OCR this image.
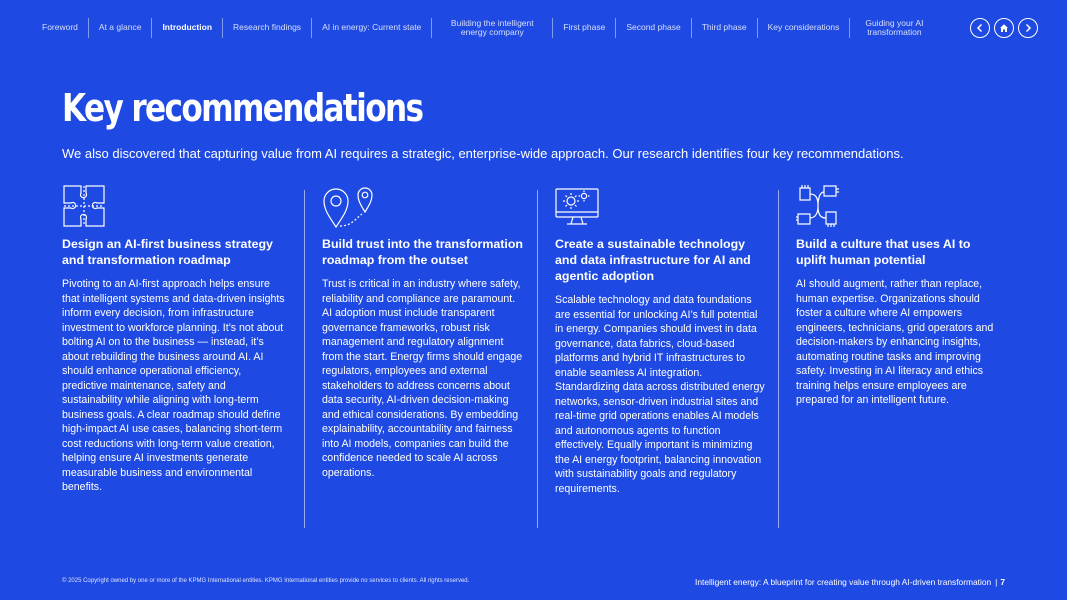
Foreword	At a glance	Introduction	Research findings	AI in energy: Current state	Building the intelligent energy company	First phase	Second phase	Third phase	Key considerations	Guiding your AI transformation
Key recommendations

We also discovered that capturing value from AI requires a strategic, enterprise-wide approach. Our research identifies four key recommendations.

Design an AI-first business strategy and transformation roadmap

Pivoting to an AI-first approach helps ensure that intelligent systems and data-driven insights inform every decision, from infrastructure investment to workforce planning. It’s not about bolting AI on to the business — instead, it’s about rebuilding the business around AI. AI should enhance operational efficiency, predictive maintenance, safety and sustainability while aligning with long-term business goals. A clear roadmap should define high-impact AI use cases, balancing short-term cost reductions with long-term value creation, helping ensure AI investments generate measurable business and environmental benefits.

Build trust into the transformation roadmap from the outset

Trust is critical in an industry where safety, reliability and compliance are paramount. AI adoption must include transparent governance frameworks, robust risk management and regulatory alignment from the start. Energy firms should engage regulators, employees and external stakeholders to address concerns about data security, AI-driven decision-making and ethical considerations. By embedding explainability, accountability and fairness into AI models, companies can build the confidence needed to scale AI across operations.

Create a sustainable technology and data infrastructure for AI and agentic adoption

Scalable technology and data foundations are essential for unlocking AI’s full potential in energy. Companies should invest in data governance, data fabrics, cloud-based platforms and hybrid IT infrastructures to enable seamless AI integration. Standardizing data across distributed energy networks, sensor-driven industrial sites and real-time grid operations enables AI models and autonomous agents to function effectively. Equally important is minimizing the AI energy footprint, balancing innovation with sustainability goals and regulatory requirements.

Build a culture that uses AI to uplift human potential

AI should augment, rather than replace, human expertise. Organizations should foster a culture where AI empowers engineers, technicians, grid operators and decision-makers by enhancing insights, automating routine tasks and improving safety. Investing in AI literacy and ethics training helps ensure employees are prepared for an intelligent future.

© 2025 Copyright owned by one or more of the KPMG International entities. KPMG International entities provide no services to clients. All rights reserved.	Intelligent energy: A blueprint for creating value through AI-driven transformation | 7
